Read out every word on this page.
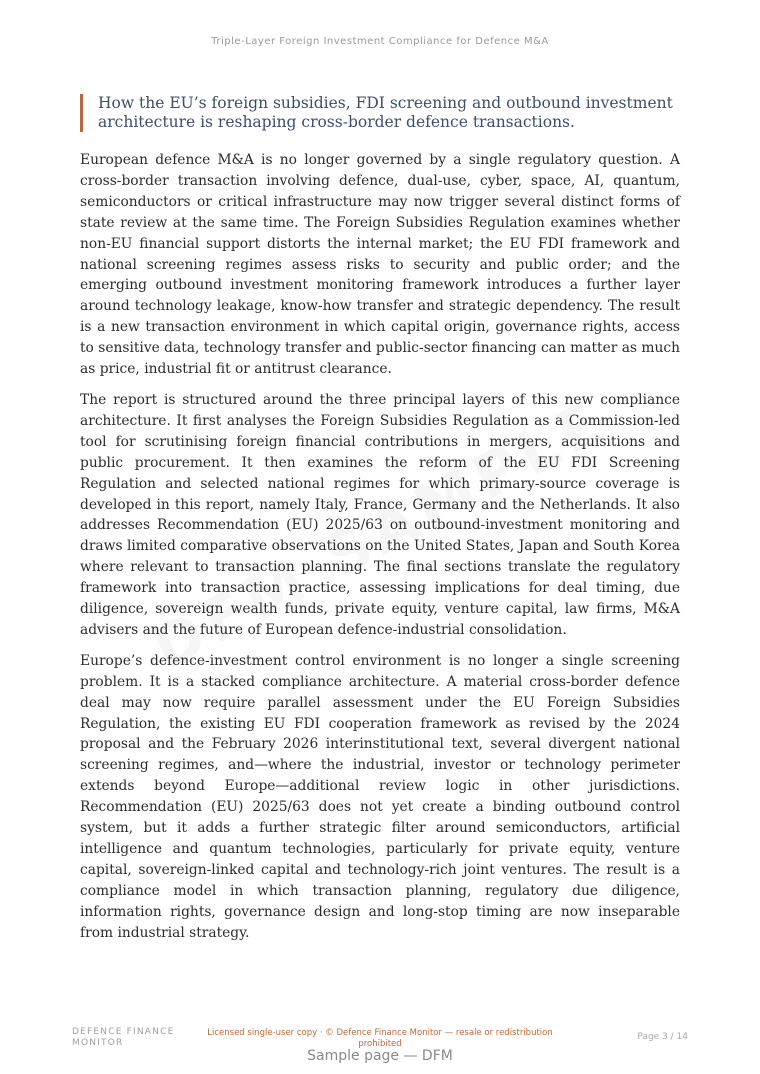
Triple-Layer Foreign Investment Compliance for Defence M&A
How the EU’s foreign subsidies, FDI screening and outbound investment architecture is reshaping cross-border defence transactions.

European defence M&A is no longer governed by a single regulatory question. A cross-border transaction involving defence, dual-use, cyber, space, AI, quantum, semiconductors or critical infrastructure may now trigger several distinct forms of state review at the same time. The Foreign Subsidies Regulation examines whether non-EU financial support distorts the internal market; the EU FDI framework and national screening regimes assess risks to security and public order; and the emerging outbound investment monitoring framework introduces a further layer around technology leakage, know-how transfer and strategic dependency. The result is a new transaction environment in which capital origin, governance rights, access to sensitive data, technology transfer and public-sector financing can matter as much as price, industrial fit or antitrust clearance.

The report is structured around the three principal layers of this new compliance architecture. It first analyses the Foreign Subsidies Regulation as a Commission-led tool for scrutinising foreign financial contributions in mergers, acquisitions and public procurement. It then examines the reform of the EU FDI Screening Regulation and selected national regimes for which primary-source coverage is developed in this report, namely Italy, France, Germany and the Netherlands. It also addresses Recommendation (EU) 2025/63 on outbound-investment monitoring and draws limited comparative observations on the United States, Japan and South Korea where relevant to transaction planning. The final sections translate the regulatory framework into transaction practice, assessing implications for deal timing, due diligence, sovereign wealth funds, private equity, venture capital, law firms, M&A advisers and the future of European defence-industrial consolidation.

Europe’s defence-investment control environment is no longer a single screening problem. It is a stacked compliance architecture. A material cross-border defence deal may now require parallel assessment under the EU Foreign Subsidies Regulation, the existing EU FDI cooperation framework as revised by the 2024 proposal and the February 2026 interinstitutional text, several divergent national screening regimes, and—where the industrial, investor or technology perimeter extends beyond Europe—additional review logic in other jurisdictions. Recommendation (EU) 2025/63 does not yet create a binding outbound control system, but it adds a further strategic filter around semiconductors, artificial intelligence and quantum technologies, particularly for private equity, venture capital, sovereign-linked capital and technology-rich joint ventures. The result is a compliance model in which transaction planning, regulatory due diligence, information rights, governance design and long-stop timing are now inseparable from industrial strategy.

DEFENCE FINANCE
MONITOR
Licensed single-user copy · © Defence Finance Monitor — resale or redistribution prohibited
Page 3 / 14
Sample page — DFM
